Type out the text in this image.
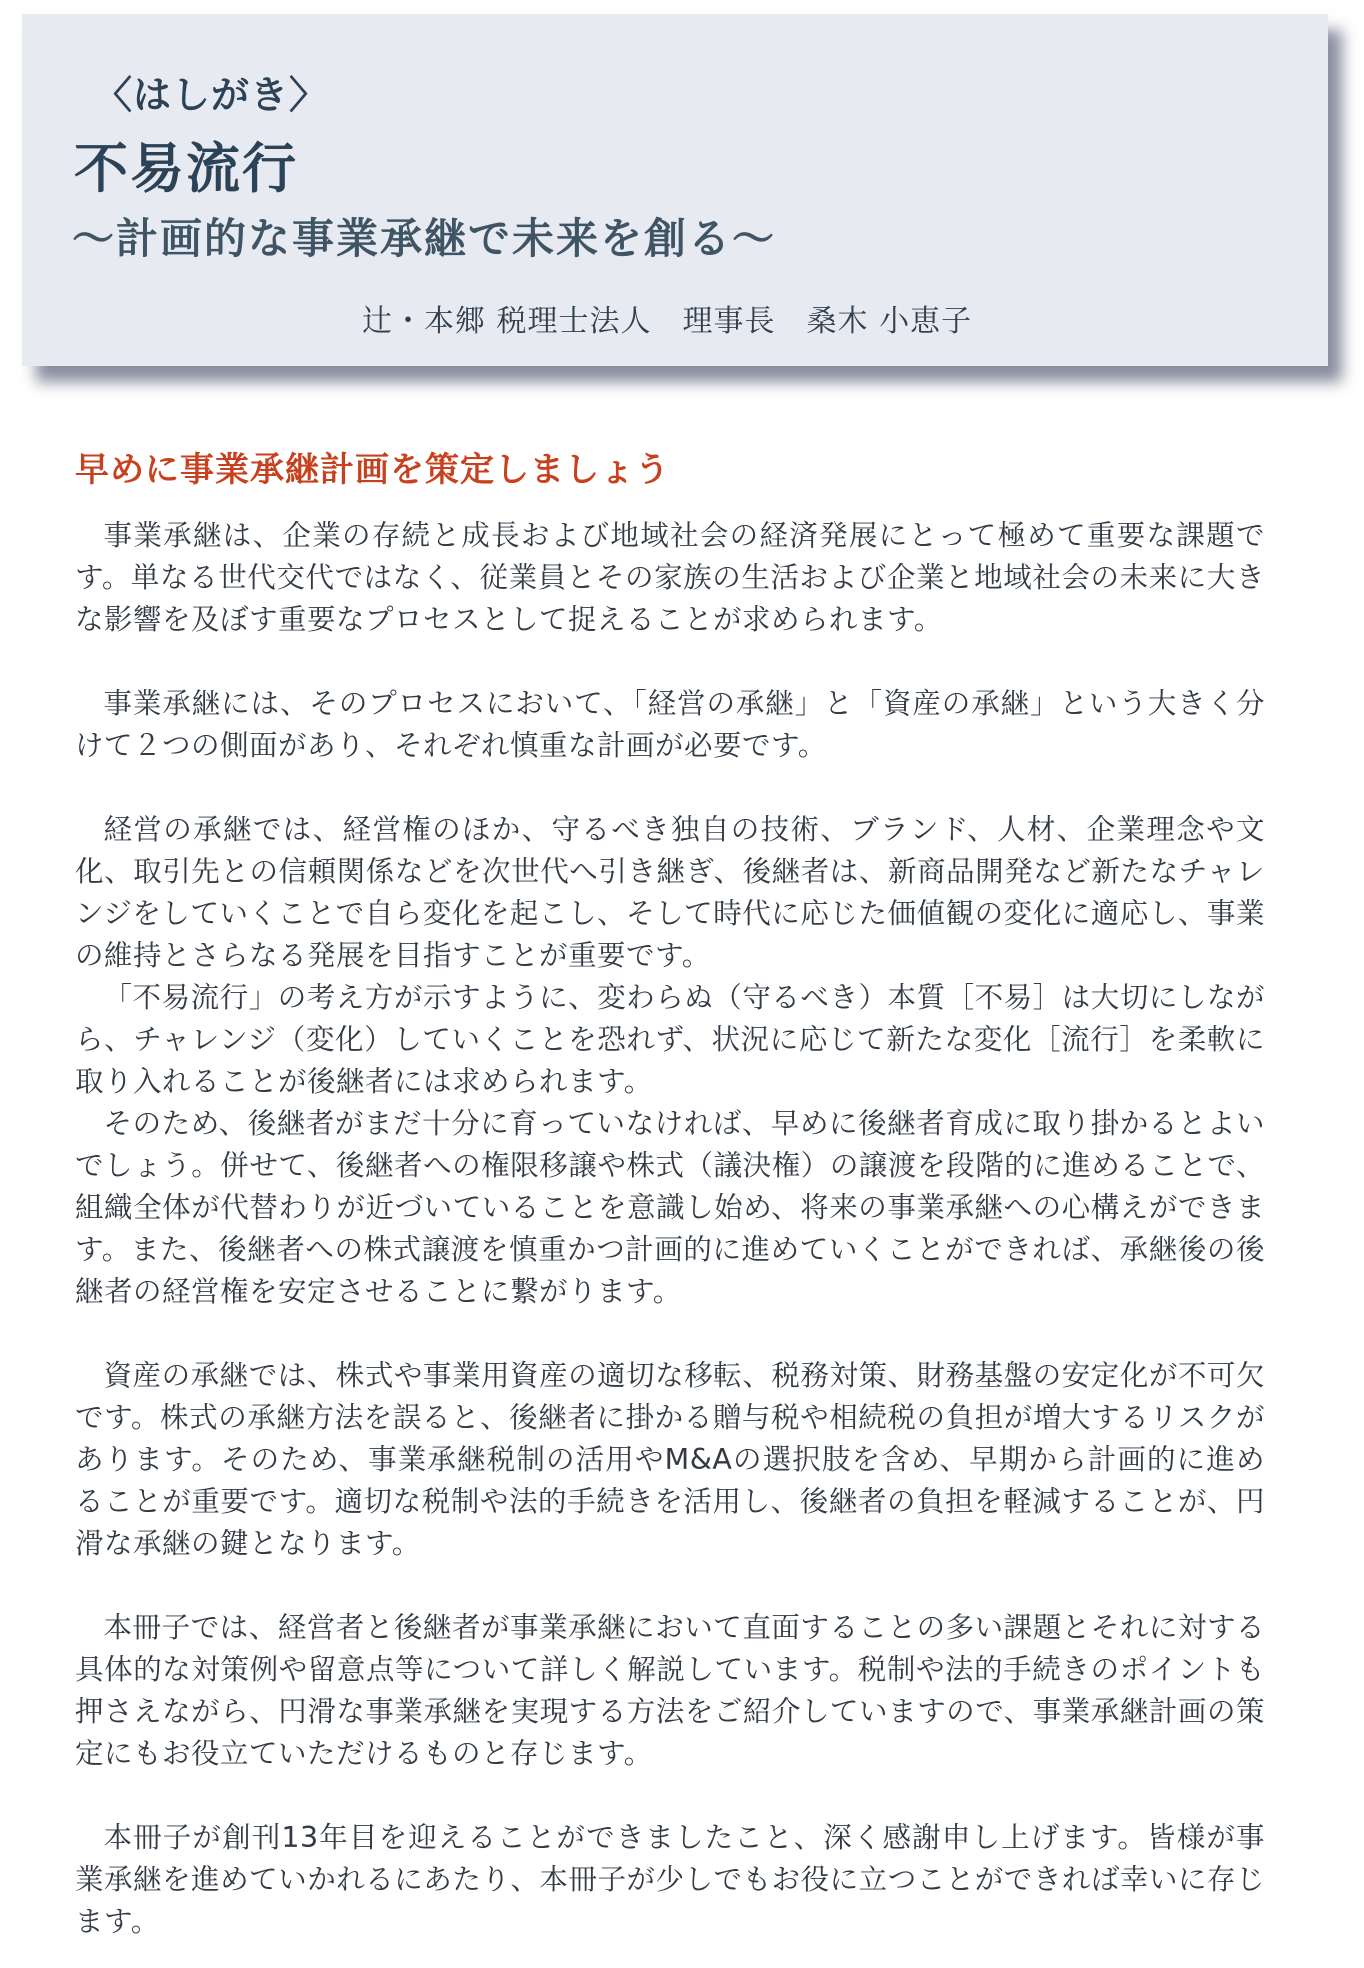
〈はしがき〉
不易流行
〜計画的な事業承継で未来を創る〜
辻・本郷 税理士法人　理事長　桑木 小恵子
早めに事業承継計画を策定しましょう

事業承継は、企業の存続と成長および地域社会の経済発展にとって極めて重要な課題です。単なる世代交代ではなく、従業員とその家族の生活および企業と地域社会の未来に大きな影響を及ぼす重要なプロセスとして捉えることが求められます。

事業承継には、そのプロセスにおいて、「経営の承継」と「資産の承継」という大きく分けて２つの側面があり、それぞれ慎重な計画が必要です。

経営の承継では、経営権のほか、守るべき独自の技術、ブランド、人材、企業理念や文化、取引先との信頼関係などを次世代へ引き継ぎ、後継者は、新商品開発など新たなチャレンジをしていくことで自ら変化を起こし、そして時代に応じた価値観の変化に適応し、事業の維持とさらなる発展を目指すことが重要です。

「不易流行」の考え方が示すように、変わらぬ（守るべき）本質［不易］は大切にしながら、チャレンジ（変化）していくことを恐れず、状況に応じて新たな変化［流行］を柔軟に取り入れることが後継者には求められます。

そのため、後継者がまだ十分に育っていなければ、早めに後継者育成に取り掛かるとよいでしょう。併せて、後継者への権限移譲や株式（議決権）の譲渡を段階的に進めることで、組織全体が代替わりが近づいていることを意識し始め、将来の事業承継への心構えができます。また、後継者への株式譲渡を慎重かつ計画的に進めていくことができれば、承継後の後継者の経営権を安定させることに繋がります。

資産の承継では、株式や事業用資産の適切な移転、税務対策、財務基盤の安定化が不可欠です。株式の承継方法を誤ると、後継者に掛かる贈与税や相続税の負担が増大するリスクがあります。そのため、事業承継税制の活用やM&Aの選択肢を含め、早期から計画的に進めることが重要です。適切な税制や法的手続きを活用し、後継者の負担を軽減することが、円滑な承継の鍵となります。

本冊子では、経営者と後継者が事業承継において直面することの多い課題とそれに対する具体的な対策例や留意点等について詳しく解説しています。税制や法的手続きのポイントも押さえながら、円滑な事業承継を実現する方法をご紹介していますので、事業承継計画の策定にもお役立ていただけるものと存じます。

本冊子が創刊13年目を迎えることができましたこと、深く感謝申し上げます。皆様が事業承継を進めていかれるにあたり、本冊子が少しでもお役に立つことができれば幸いに存じます。
